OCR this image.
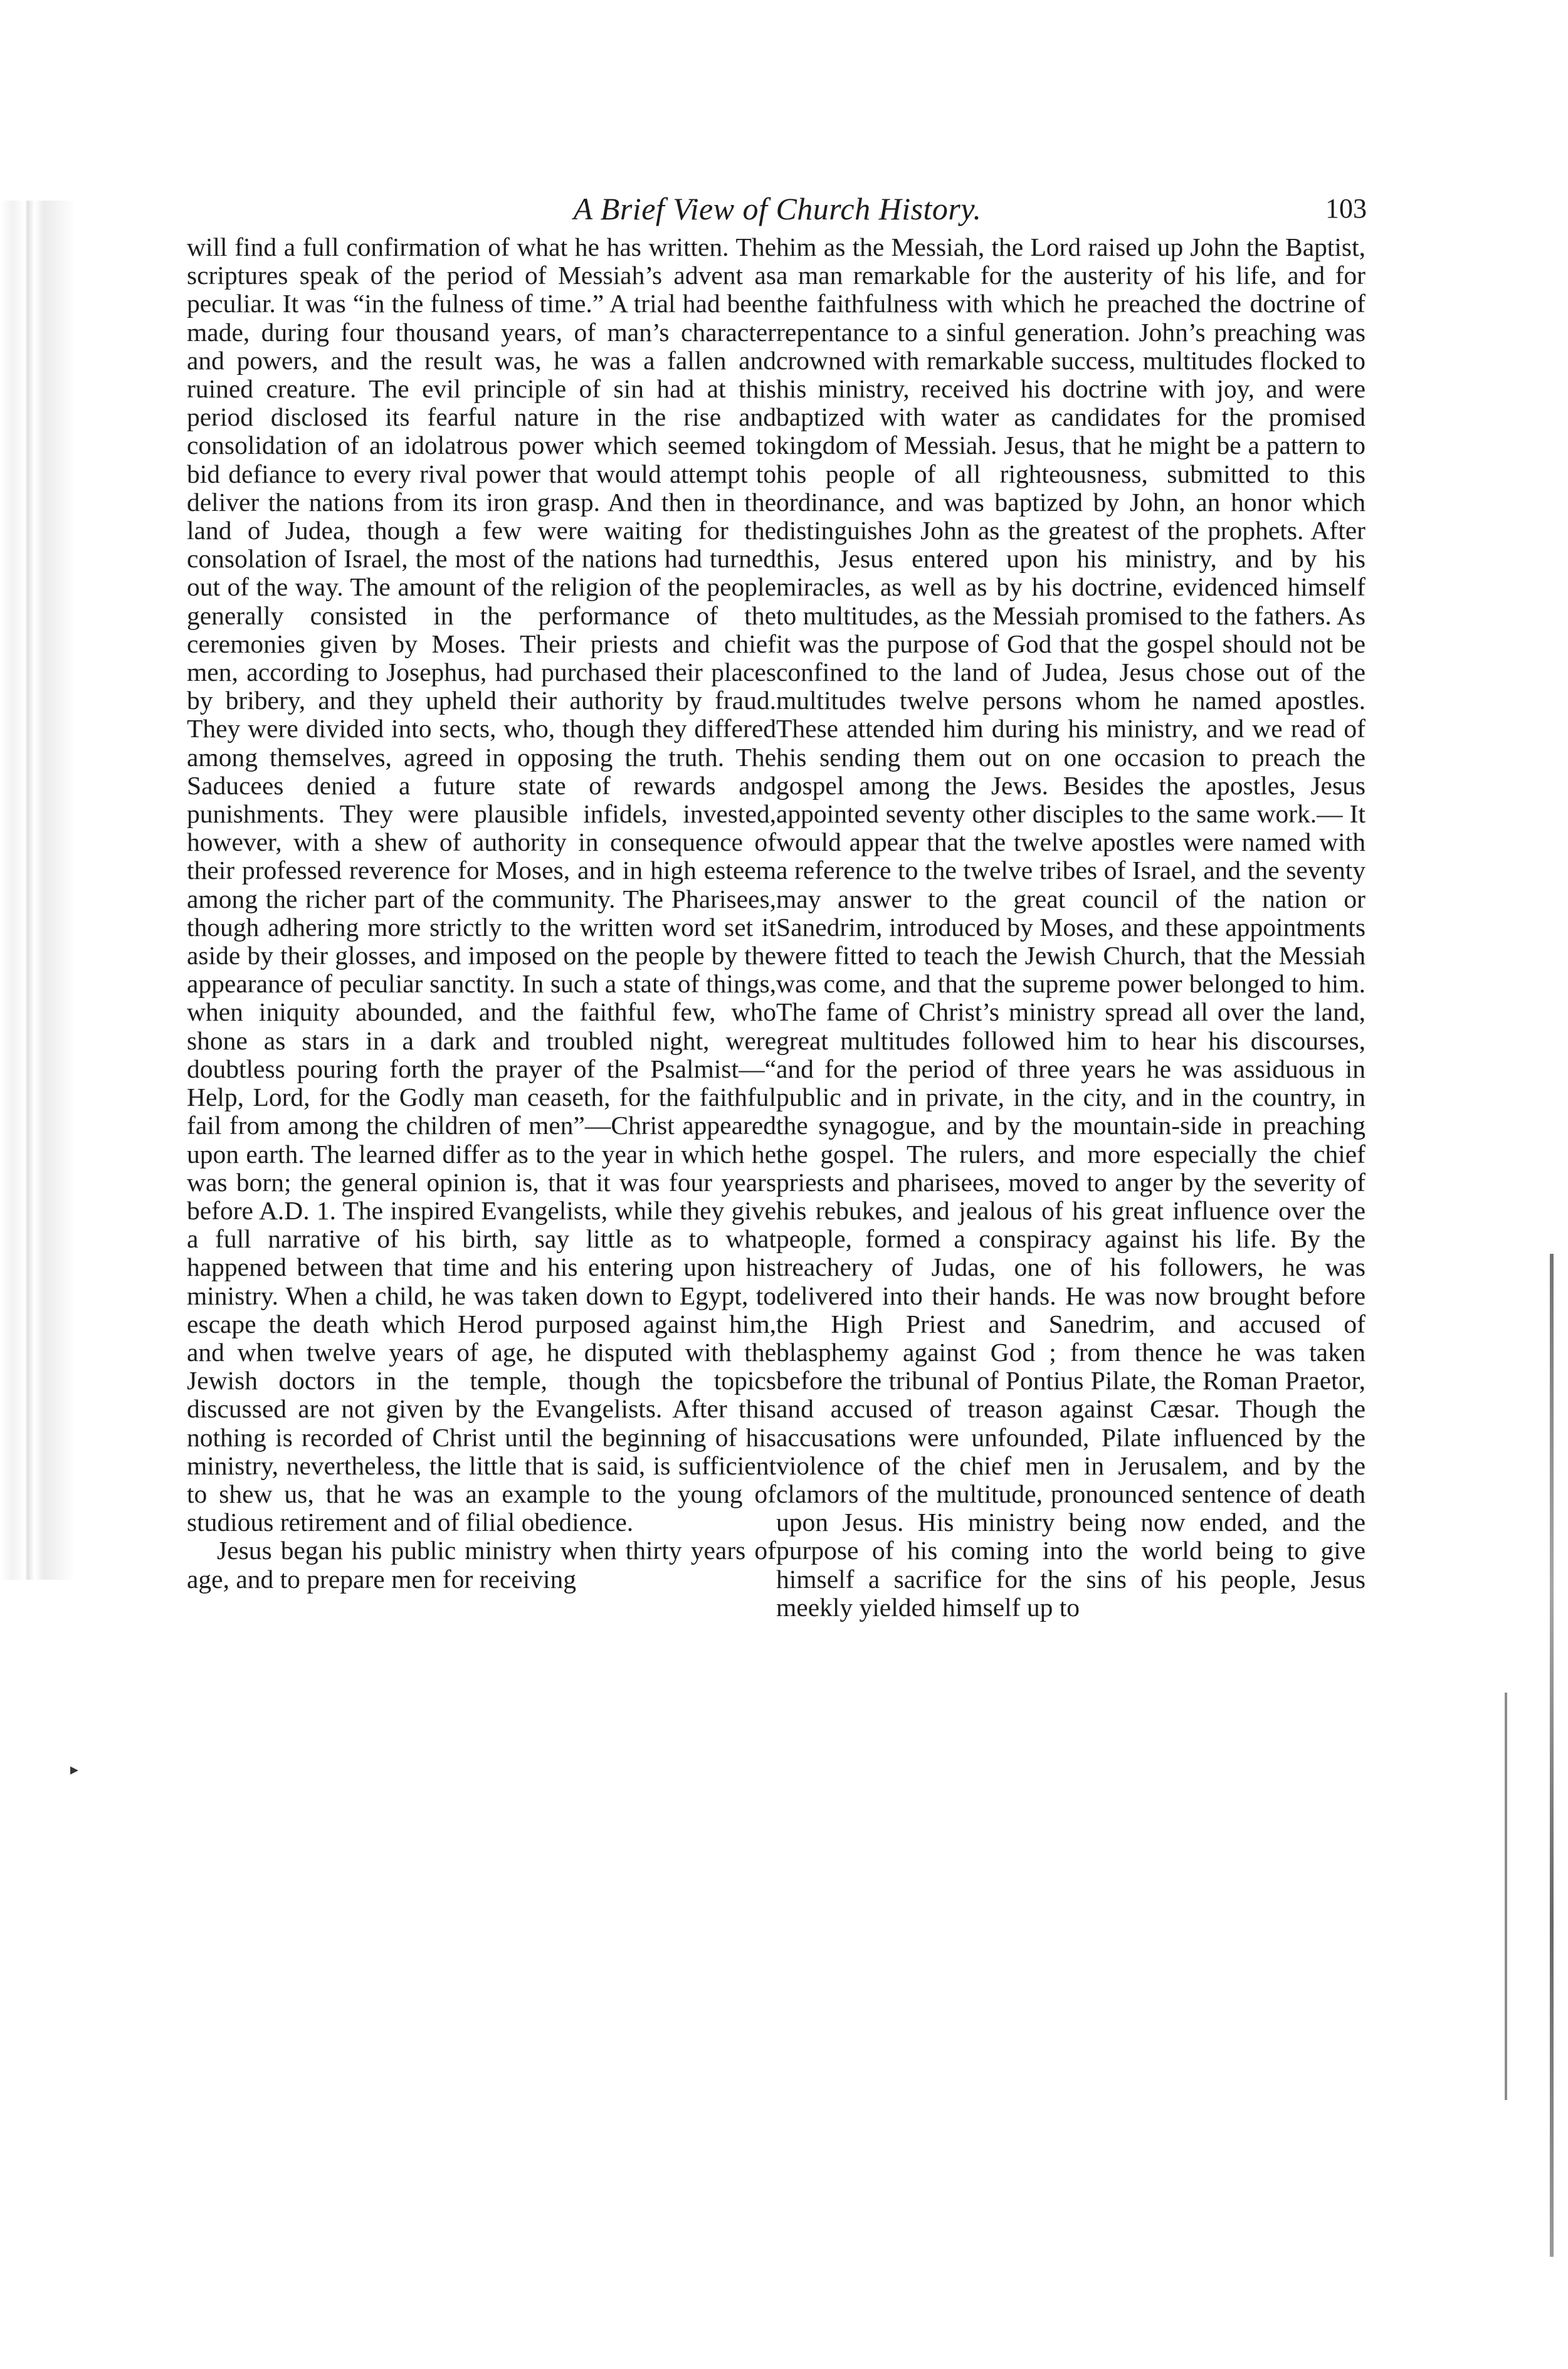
▸
A Brief View of Church History.	103

will find a full confirmation of what he has written. The scriptures speak of the period of Messiah’s advent as peculiar. It was “in the fulness of time.” A trial had been made, during four thousand years, of man’s character and powers, and the result was, he was a fallen and ruined creature. The evil principle of sin had at this period disclosed its fearful nature in the rise and consolidation of an idolatrous power which seemed to bid defiance to every rival power that would attempt to deliver the nations from its iron grasp. And then in the land of Judea, though a few were waiting for the consolation of Israel, the most of the nations had turned out of the way. The amount of the religion of the people generally consisted in the performance of the ceremonies given by Moses. Their priests and chief men, according to Josephus, had purchased their places by bribery, and they upheld their authority by fraud. They were divided into sects, who, though they differed among themselves, agreed in opposing the truth. The Saducees denied a future state of rewards and punishments. They were plausible infidels, invested, however, with a shew of authority in consequence of their professed reverence for Moses, and in high esteem among the richer part of the community. The Pharisees, though adhering more strictly to the written word set it aside by their glosses, and imposed on the people by the appearance of peculiar sanctity. In such a state of things, when iniquity abounded, and the faithful few, who shone as stars in a dark and troubled night, were doubtless pouring forth the prayer of the Psalmist—“ Help, Lord, for the Godly man ceaseth, for the faithful fail from among the children of men”—Christ appeared upon earth. The learned differ as to the year in which he was born; the general opinion is, that it was four years before A.D. 1. The inspired Evangelists, while they give a full narrative of his birth, say little as to what happened between that time and his entering upon his ministry. When a child, he was taken down to Egypt, to escape the death which Herod purposed against him, and when twelve years of age, he disputed with the Jewish doctors in the temple, though the topics discussed are not given by the Evangelists. After this nothing is recorded of Christ until the beginning of his ministry, nevertheless, the little that is said, is sufficient to shew us, that he was an example to the young of studious retirement and of filial obedience.

Jesus began his public ministry when thirty years of age, and to prepare men for receiving

him as the Messiah, the Lord raised up John the Baptist, a man remarkable for the austerity of his life, and for the faithfulness with which he preached the doctrine of repentance to a sinful generation. John’s preaching was crowned with remarkable success, multitudes flocked to his ministry, received his doctrine with joy, and were baptized with water as candidates for the promised kingdom of Messiah. Jesus, that he might be a pattern to his people of all righteousness, submitted to this ordinance, and was baptized by John, an honor which distinguishes John as the greatest of the prophets. After this, Jesus entered upon his ministry, and by his miracles, as well as by his doctrine, evidenced himself to multitudes, as the Messiah promised to the fathers. As it was the purpose of God that the gospel should not be confined to the land of Judea, Jesus chose out of the multitudes twelve persons whom he named apostles. These attended him during his ministry, and we read of his sending them out on one occasion to preach the gospel among the Jews. Besides the apostles, Jesus appointed seventy other disciples to the same work.— It would appear that the twelve apostles were named with a reference to the twelve tribes of Israel, and the seventy may answer to the great council of the nation or Sanedrim, introduced by Moses, and these appointments were fitted to teach the Jewish Church, that the Messiah was come, and that the supreme power belonged to him. The fame of Christ’s ministry spread all over the land, great multitudes followed him to hear his discourses, and for the period of three years he was assiduous in public and in private, in the city, and in the country, in the synagogue, and by the mountain-side in preaching the gospel. The rulers, and more especially the chief priests and pharisees, moved to anger by the severity of his rebukes, and jealous of his great influence over the people, formed a conspiracy against his life. By the treachery of Judas, one of his followers, he was delivered into their hands. He was now brought before the High Priest and Sanedrim, and accused of blasphemy against God ; from thence he was taken before the tribunal of Pontius Pilate, the Roman Praetor, and accused of treason against Cæsar. Though the accusations were unfounded, Pilate influenced by the violence of the chief men in Jerusalem, and by the clamors of the multitude, pronounced sentence of death upon Jesus. His ministry being now ended, and the purpose of his coming into the world being to give himself a sacrifice for the sins of his people, Jesus meekly yielded himself up to
